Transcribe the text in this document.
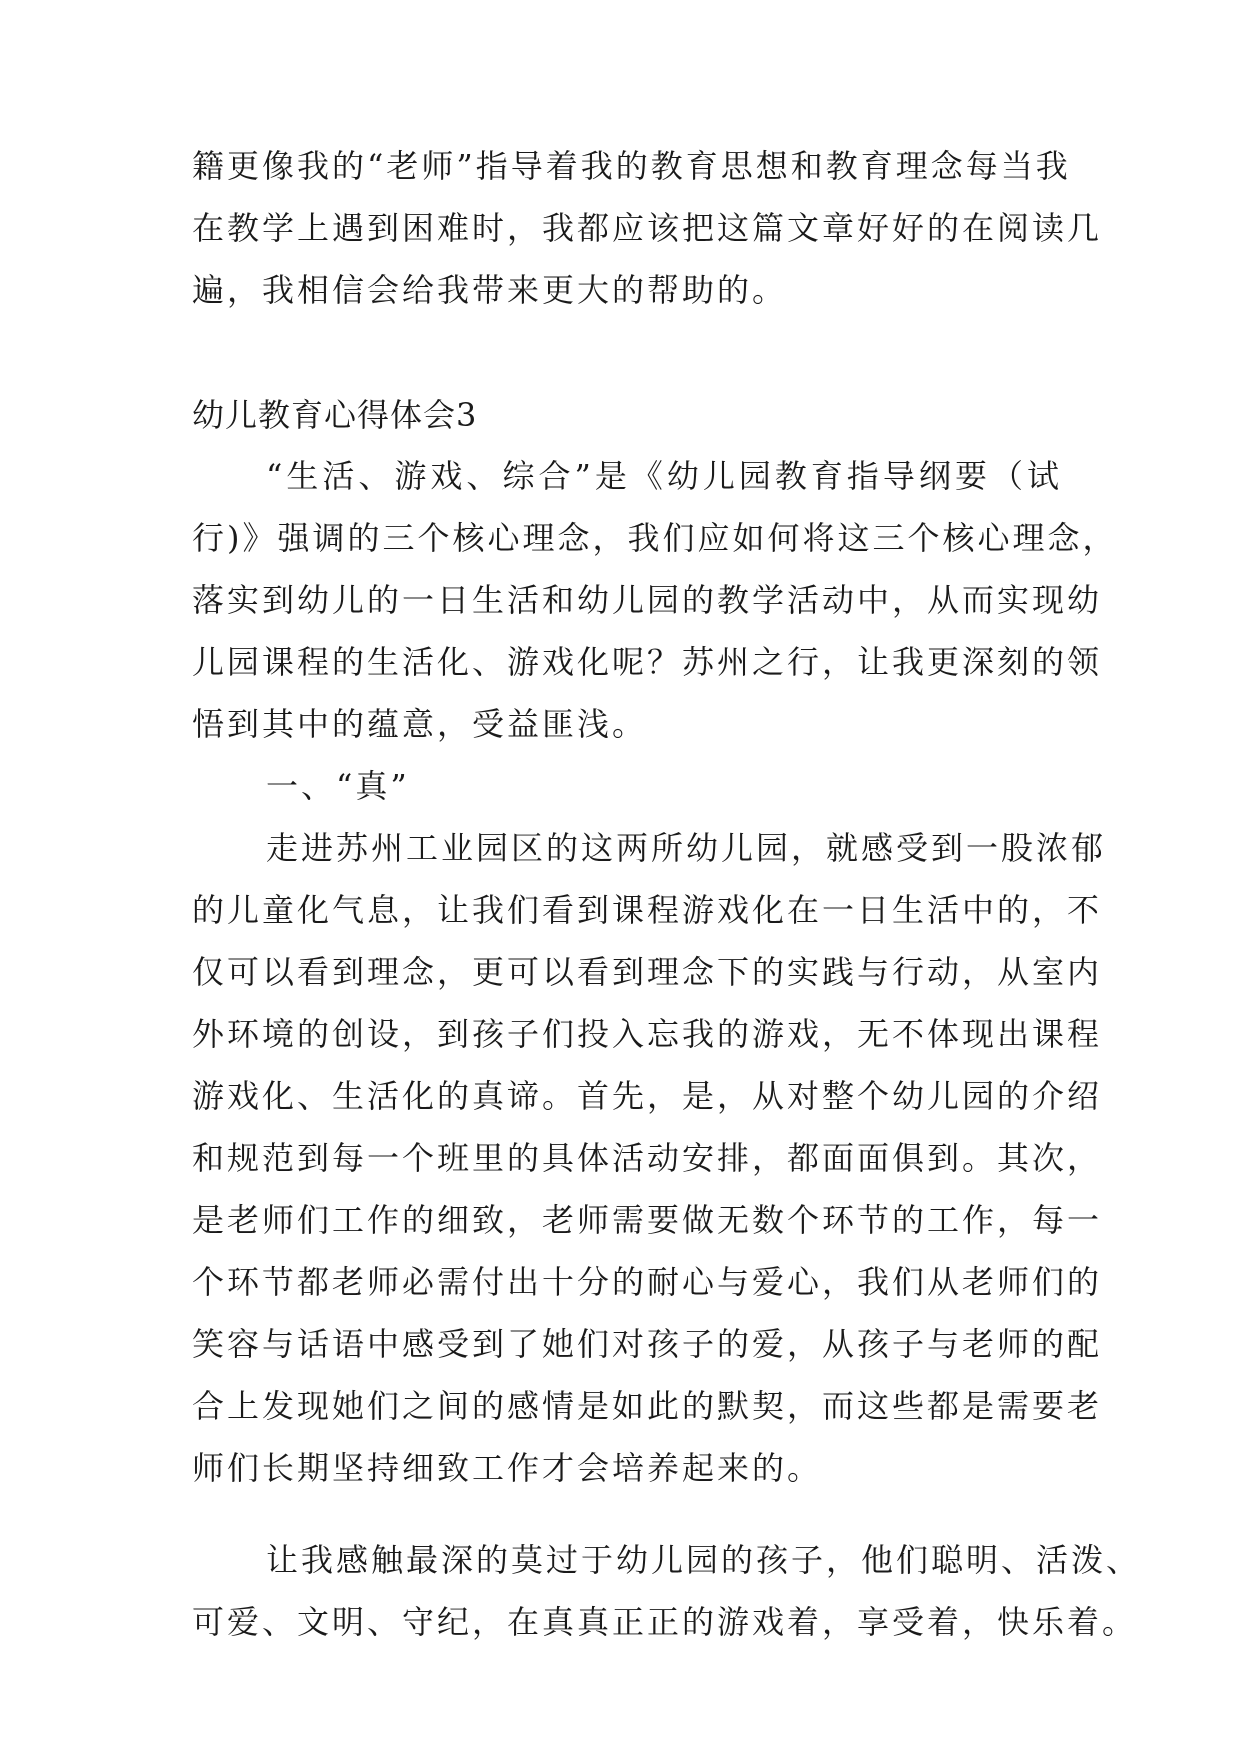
籍更像我的“老师”指导着我的教育思想和教育理念每当我
在教学上遇到困难时，我都应该把这篇文章好好的在阅读几
遍，我相信会给我带来更大的帮助的。
幼儿教育心得体会3
“生活、游戏、综合”是《幼儿园教育指导纲要（试
行)》强调的三个核心理念，我们应如何将这三个核心理念，
落实到幼儿的一日生活和幼儿园的教学活动中，从而实现幼
儿园课程的生活化、游戏化呢？苏州之行，让我更深刻的领
悟到其中的蕴意，受益匪浅。
一、“真”
走进苏州工业园区的这两所幼儿园，就感受到一股浓郁
的儿童化气息，让我们看到课程游戏化在一日生活中的，不
仅可以看到理念，更可以看到理念下的实践与行动，从室内
外环境的创设，到孩子们投入忘我的游戏，无不体现出课程
游戏化、生活化的真谛。首先，是，从对整个幼儿园的介绍
和规范到每一个班里的具体活动安排，都面面俱到。其次，
是老师们工作的细致，老师需要做无数个环节的工作，每一
个环节都老师必需付出十分的耐心与爱心，我们从老师们的
笑容与话语中感受到了她们对孩子的爱，从孩子与老师的配
合上发现她们之间的感情是如此的默契，而这些都是需要老
师们长期坚持细致工作才会培养起来的。
让我感触最深的莫过于幼儿园的孩子，他们聪明、活泼、
可爱、文明、守纪，在真真正正的游戏着，享受着，快乐着。
